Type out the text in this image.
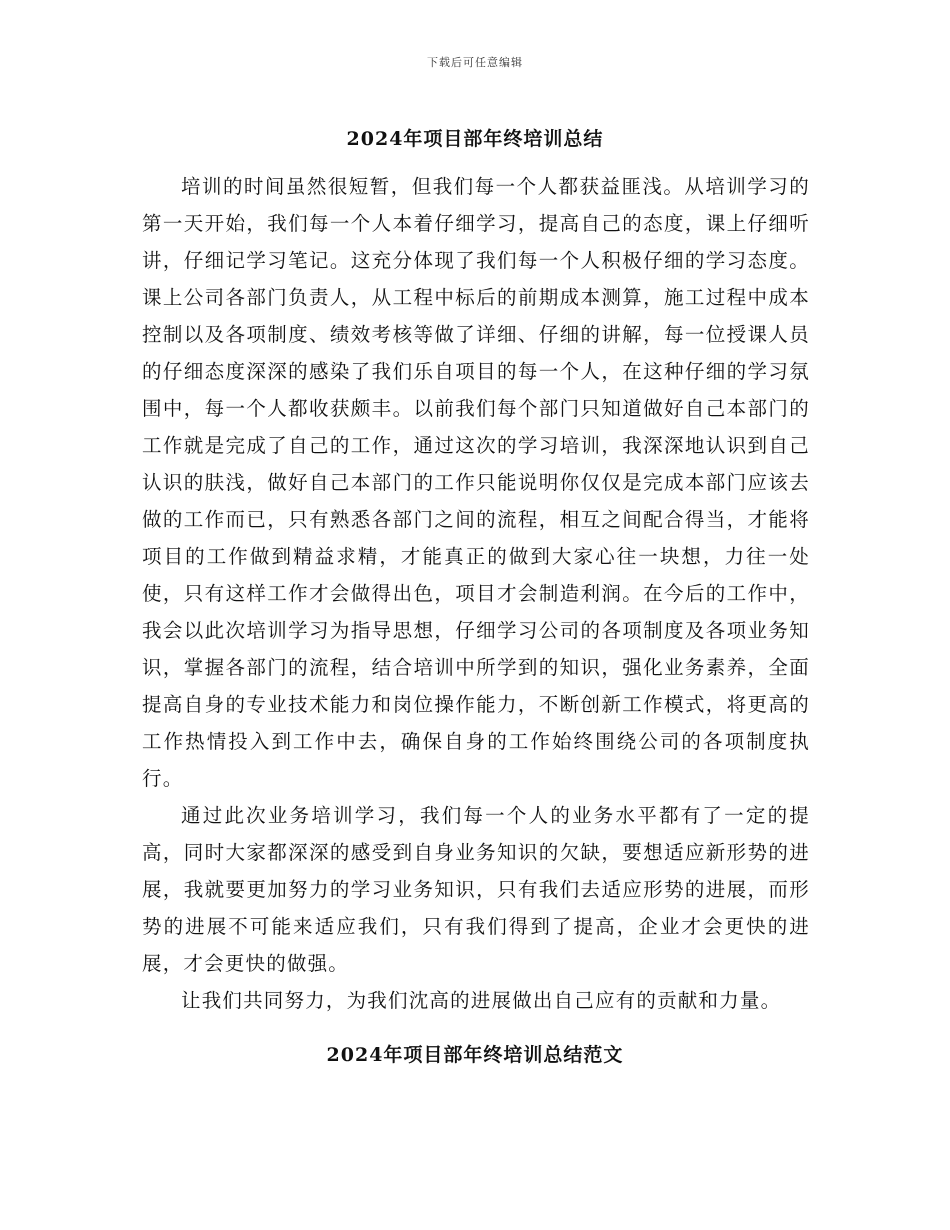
下载后可任意编辑
2024年项目部年终培训总结

培训的时间虽然很短暂，但我们每一个人都获益匪浅。从培训学习的第一天开始，我们每一个人本着仔细学习，提高自己的态度，课上仔细听讲，仔细记学习笔记。这充分体现了我们每一个人积极仔细的学习态度。课上公司各部门负责人，从工程中标后的前期成本测算，施工过程中成本控制以及各项制度、绩效考核等做了详细、仔细的讲解，每一位授课人员的仔细态度深深的感染了我们乐自项目的每一个人，在这种仔细的学习氛围中，每一个人都收获颇丰。以前我们每个部门只知道做好自己本部门的工作就是完成了自己的工作，通过这次的学习培训，我深深地认识到自己认识的肤浅，做好自己本部门的工作只能说明你仅仅是完成本部门应该去做的工作而已，只有熟悉各部门之间的流程，相互之间配合得当，才能将项目的工作做到精益求精，才能真正的做到大家心往一块想，力往一处使，只有这样工作才会做得出色，项目才会制造利润。在今后的工作中，我会以此次培训学习为指导思想，仔细学习公司的各项制度及各项业务知识，掌握各部门的流程，结合培训中所学到的知识，强化业务素养，全面提高自身的专业技术能力和岗位操作能力，不断创新工作模式，将更高的工作热情投入到工作中去，确保自身的工作始终围绕公司的各项制度执行。

通过此次业务培训学习，我们每一个人的业务水平都有了一定的提高，同时大家都深深的感受到自身业务知识的欠缺，要想适应新形势的进展，我就要更加努力的学习业务知识，只有我们去适应形势的进展，而形势的进展不可能来适应我们，只有我们得到了提高，企业才会更快的进展，才会更快的做强。

让我们共同努力，为我们沈高的进展做出自己应有的贡献和力量。

2024年项目部年终培训总结范文
